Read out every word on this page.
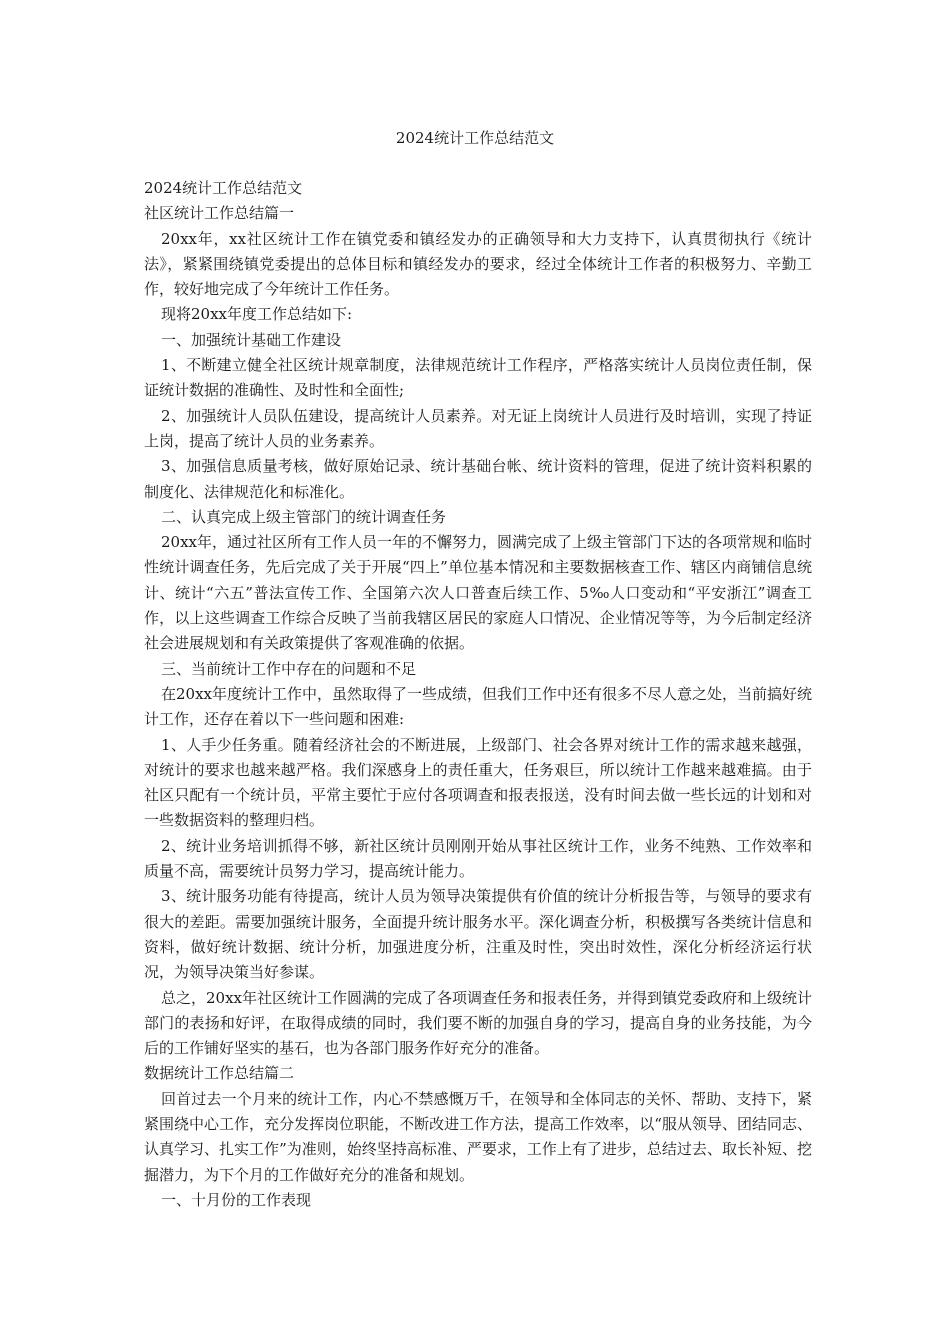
2024统计工作总结范文

2024统计工作总结范文

社区统计工作总结篇一

20xx年，xx社区统计工作在镇党委和镇经发办的正确领导和大力支持下，认真贯彻执行《统计法》，紧紧围绕镇党委提出的总体目标和镇经发办的要求，经过全体统计工作者的积极努力、辛勤工作，较好地完成了今年统计工作任务。

现将20xx年度工作总结如下:

一、加强统计基础工作建设

1、不断建立健全社区统计规章制度，法律规范统计工作程序，严格落实统计人员岗位责任制，保证统计数据的准确性、及时性和全面性;

2、加强统计人员队伍建设，提高统计人员素养。对无证上岗统计人员进行及时培训，实现了持证上岗，提高了统计人员的业务素养。

3、加强信息质量考核，做好原始记录、统计基础台帐、统计资料的管理，促进了统计资料积累的制度化、法律规范化和标准化。

二、认真完成上级主管部门的统计调查任务

20xx年，通过社区所有工作人员一年的不懈努力，圆满完成了上级主管部门下达的各项常规和临时性统计调查任务，先后完成了关于开展“四上”单位基本情况和主要数据核查工作、辖区内商铺信息统计、统计“六五”普法宣传工作、全国第六次人口普查后续工作、5‰人口变动和“平安浙江”调查工作，以上这些调查工作综合反映了当前我辖区居民的家庭人口情况、企业情况等等，为今后制定经济社会进展规划和有关政策提供了客观准确的依据。

三、当前统计工作中存在的问题和不足

在20xx年度统计工作中，虽然取得了一些成绩，但我们工作中还有很多不尽人意之处，当前搞好统计工作，还存在着以下一些问题和困难:

1、人手少任务重。随着经济社会的不断进展，上级部门、社会各界对统计工作的需求越来越强，对统计的要求也越来越严格。我们深感身上的责任重大，任务艰巨，所以统计工作越来越难搞。由于社区只配有一个统计员，平常主要忙于应付各项调查和报表报送，没有时间去做一些长远的计划和对一些数据资料的整理归档。

2、统计业务培训抓得不够，新社区统计员刚刚开始从事社区统计工作，业务不纯熟、工作效率和质量不高，需要统计员努力学习，提高统计能力。

3、统计服务功能有待提高，统计人员为领导决策提供有价值的统计分析报告等，与领导的要求有很大的差距。需要加强统计服务，全面提升统计服务水平。深化调查分析，积极撰写各类统计信息和资料，做好统计数据、统计分析，加强进度分析，注重及时性，突出时效性，深化分析经济运行状况，为领导决策当好参谋。

总之，20xx年社区统计工作圆满的完成了各项调查任务和报表任务，并得到镇党委政府和上级统计部门的表扬和好评，在取得成绩的同时，我们要不断的加强自身的学习，提高自身的业务技能，为今后的工作铺好坚实的基石，也为各部门服务作好充分的准备。

数据统计工作总结篇二

回首过去一个月来的统计工作，内心不禁感慨万千，在领导和全体同志的关怀、帮助、支持下，紧紧围绕中心工作，充分发挥岗位职能，不断改进工作方法，提高工作效率，以“服从领导、团结同志、认真学习、扎实工作”为准则，始终坚持高标准、严要求，工作上有了进步，总结过去、取长补短、挖掘潜力，为下个月的工作做好充分的准备和规划。

一、十月份的工作表现
